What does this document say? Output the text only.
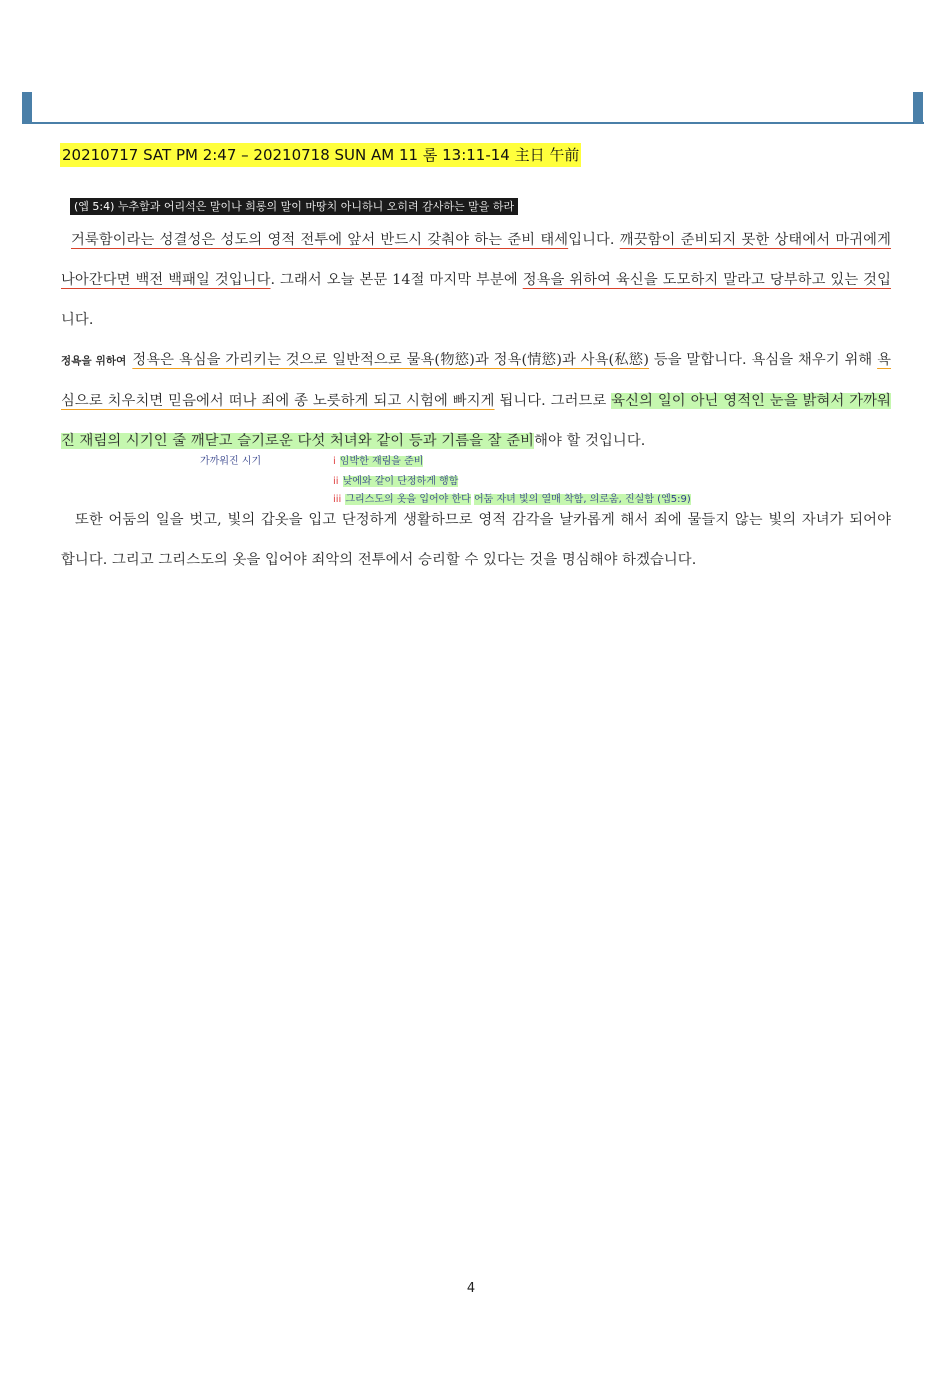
20210717 SAT PM 2:47 – 20210718 SUN AM 11 롬 13:11-14 主日 午前
(엡 5:4) 누추함과 어리석은 말이나 희롱의 말이 마땅치 아니하니 오히려 감사하는 말을 하라
거룩함이라는 성결성은 성도의 영적 전투에 앞서 반드시 갖춰야 하는 준비 태세입니다. 깨끗함이 준비되지 못한 상태에서 마귀에게 나아간다면 백전 백패일 것입니다. 그래서 오늘 본문 14절 마지막 부분에 정욕을 위하여 육신을 도모하지 말라고 당부하고 있는 것입니다.
정욕을 위하여 정욕은 욕심을 가리키는 것으로 일반적으로 물욕(物慾)과 정욕(情慾)과 사욕(私慾) 등을 말합니다. 욕심을 채우기 위해 욕심으로 치우치면 믿음에서 떠나 죄에 종 노릇하게 되고 시험에 빠지게 됩니다. 그러므로 육신의 일이 아닌 영적인 눈을 밝혀서 가까워진 재림의 시기인 줄 깨닫고 슬기로운 다섯 처녀와 같이 등과 기름을 잘 준비해야 할 것입니다.
가까워진 시기	i 임박한 재림을 준비
ii 낮에와 같이 단정하게 행함
iii 그리스도의 옷을 입어야 한다 어둠 자녀 빛의 열매 착함, 의로움, 진실함 (엡5:9)
또한 어둠의 일을 벗고, 빛의 갑옷을 입고 단정하게 생활하므로 영적 감각을 날카롭게 해서 죄에 물들지 않는 빛의 자녀가 되어야 합니다. 그리고 그리스도의 옷을 입어야 죄악의 전투에서 승리할 수 있다는 것을 명심해야 하겠습니다.
4
